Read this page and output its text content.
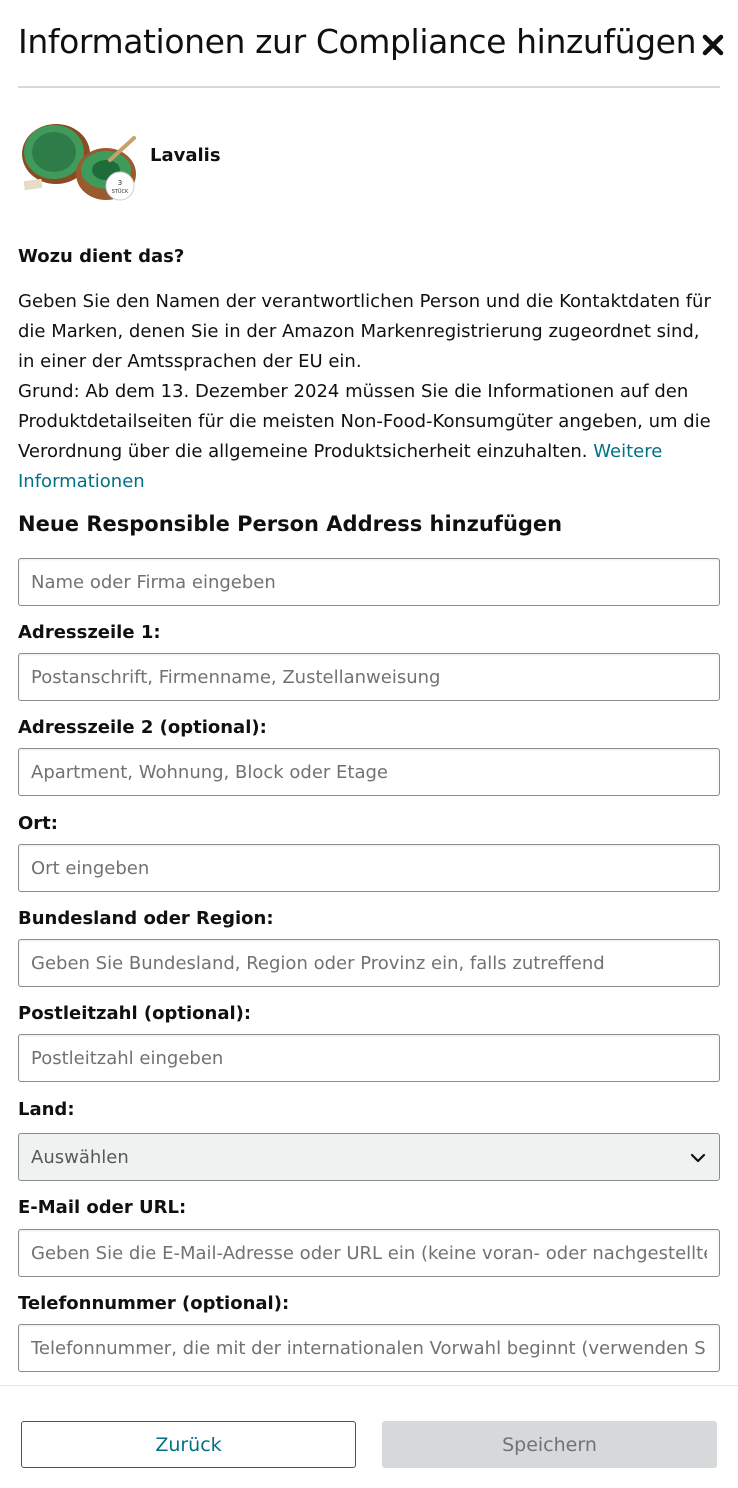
Informationen zur Compliance hinzufügen
3
STÜCK
Lavalis
Wozu dient das?

Geben Sie den Namen der verantwortlichen Person und die Kontaktdaten für die Marken, denen Sie in der Amazon Markenregistrierung zugeordnet sind, in einer der Amtssprachen der EU ein.

Grund: Ab dem 13. Dezember 2024 müssen Sie die Informationen auf den Produktdetailseiten für die meisten Non-Food-Konsumgüter angeben, um die Verordnung über die allgemeine Produktsicherheit einzuhalten. Weitere Informationen

Neue Responsible Person Address hinzufügen
Name oder Firma eingeben
Adresszeile 1:
Postanschrift, Firmenname, Zustellanweisung
Adresszeile 2 (optional):
Apartment, Wohnung, Block oder Etage
Ort:
Ort eingeben
Bundesland oder Region:
Geben Sie Bundesland, Region oder Provinz ein, falls zutreffend
Postleitzahl (optional):
Postleitzahl eingeben
Land:
Auswählen
E-Mail oder URL:
Geben Sie die E-Mail-Adresse oder URL ein (keine voran- oder nachgestellten Leerzeichen)
Telefonnummer (optional):
Telefonnummer, die mit der internationalen Vorwahl beginnt (verwenden Sie keine Leerzeichen)
Zurück	Speichern
